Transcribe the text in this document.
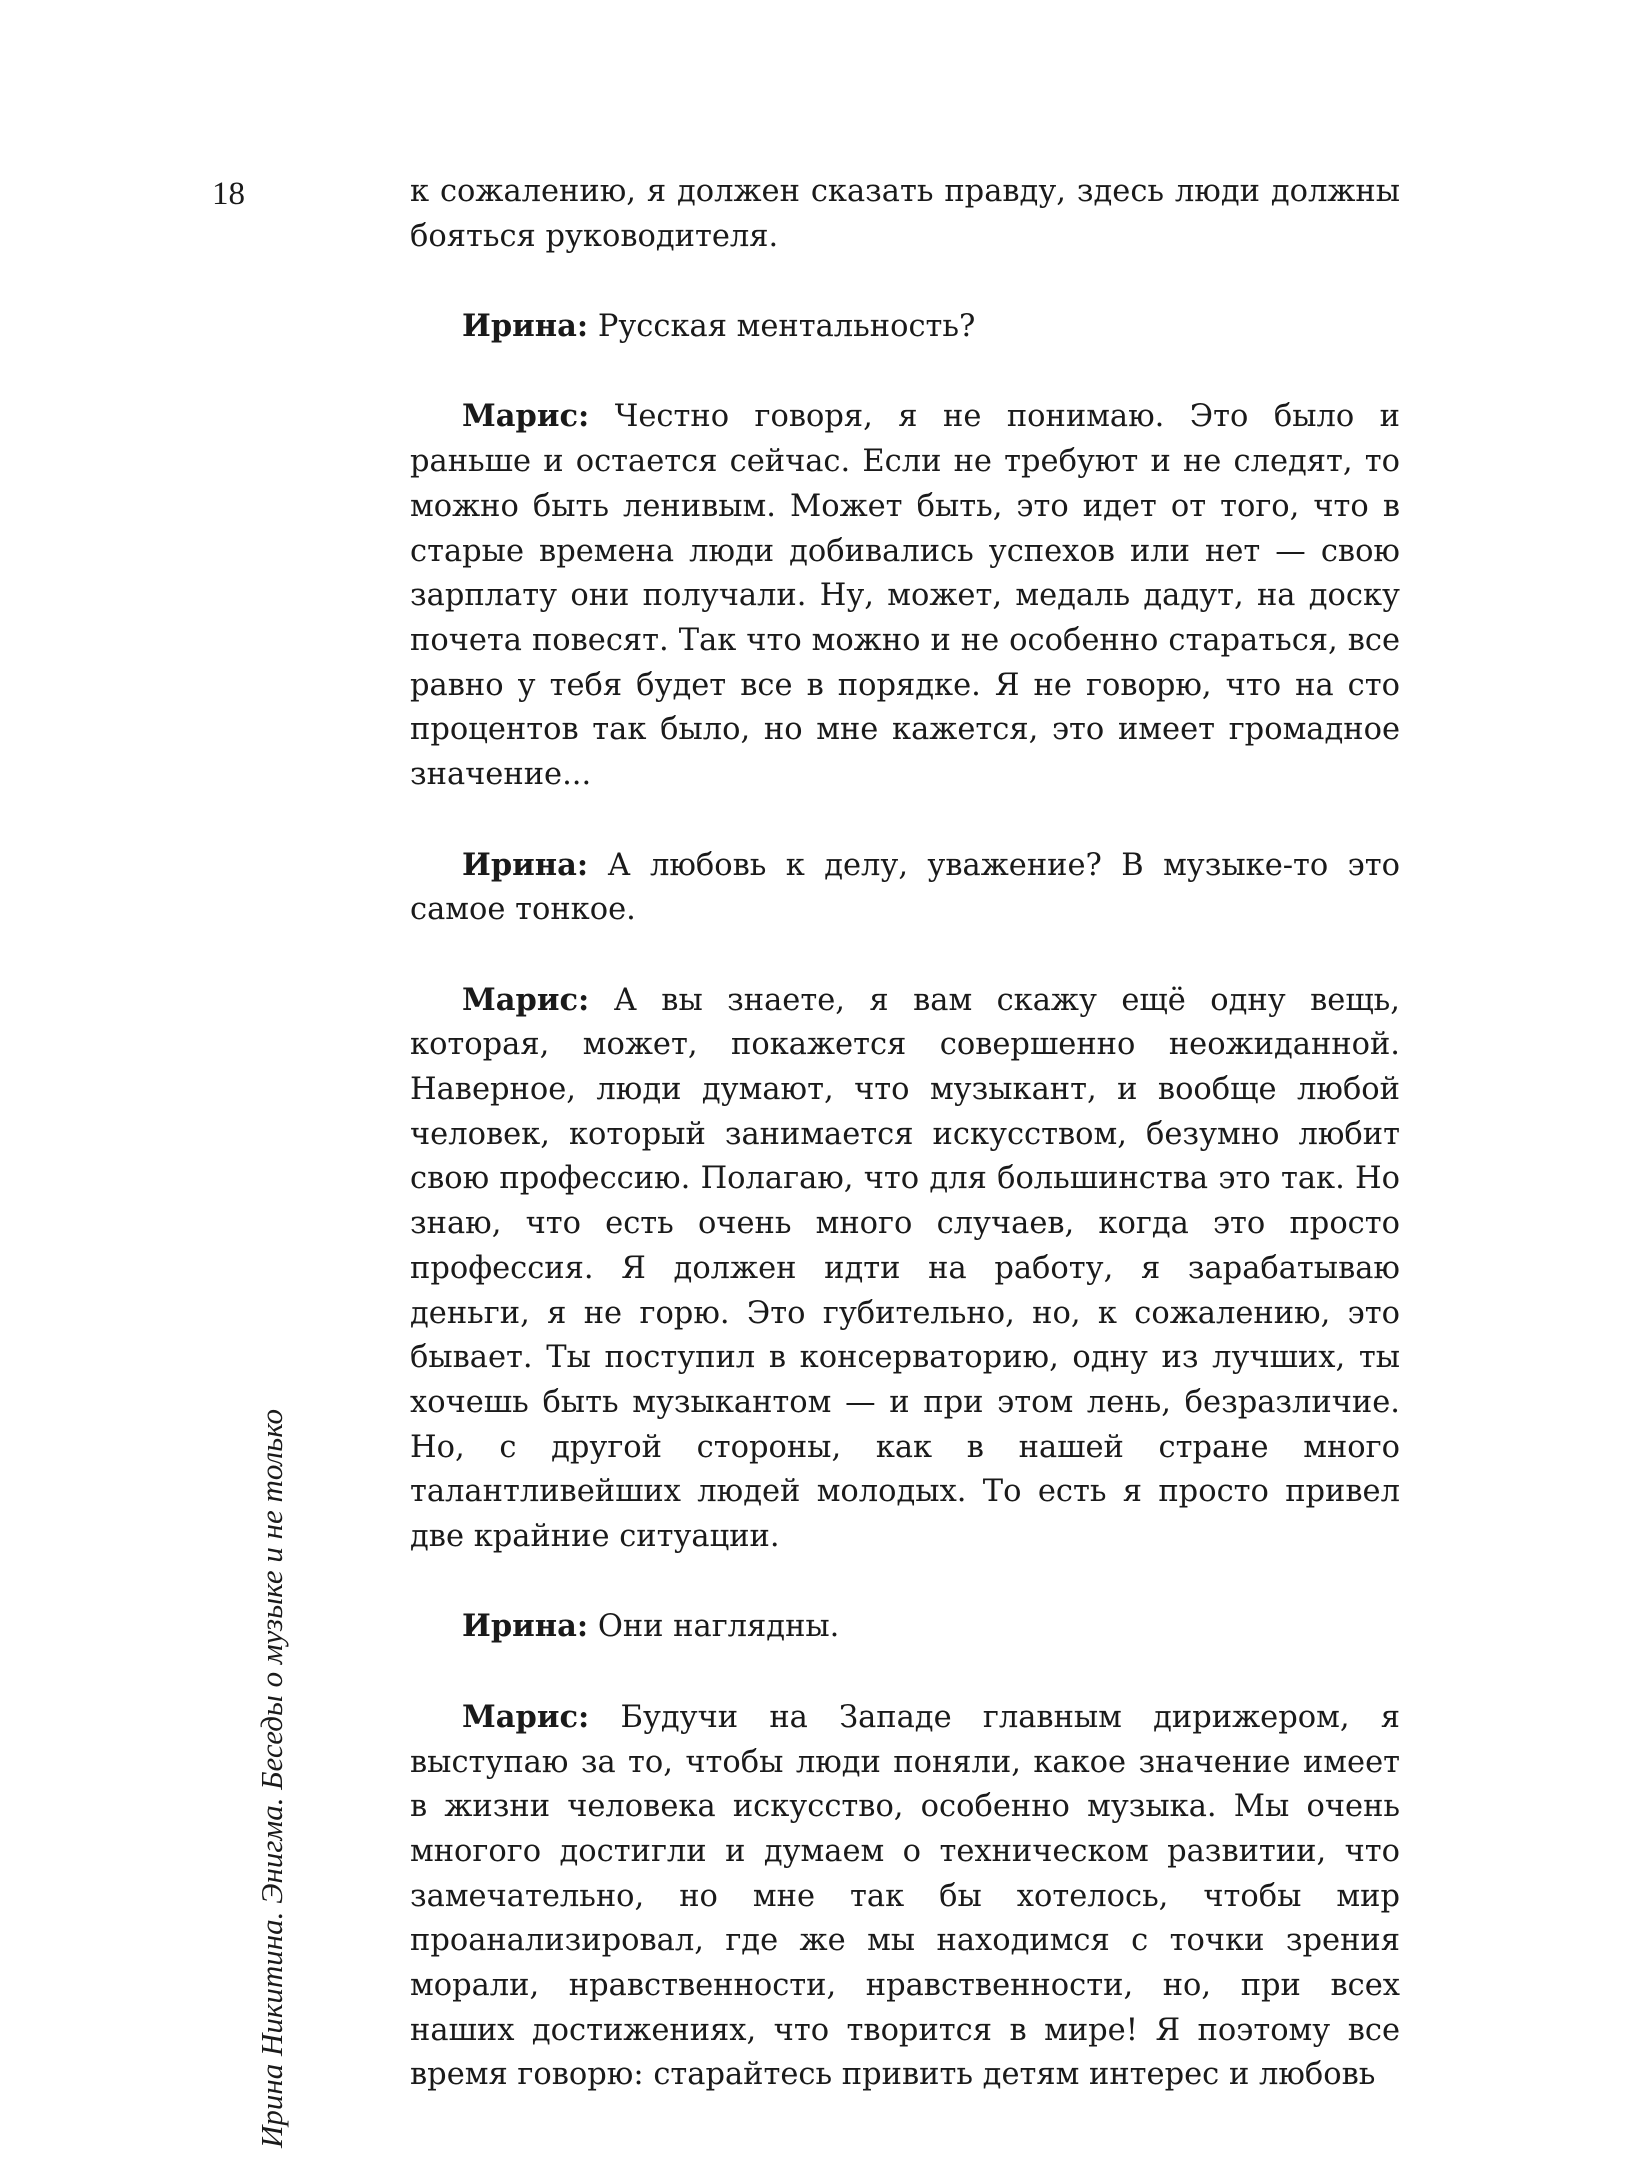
18
Ирина Никитина. Энигма. Беседы о музыке и не только

к сожалению, я должен сказать правду, здесь люди должны бояться руководителя.

Ирина: Русская ментальность?

Марис: Честно говоря, я не понимаю. Это было и раньше и остается сейчас. Если не требуют и не следят, то можно быть ленивым. Может быть, это идет от того, что в старые времена люди добивались успехов или нет — свою зарплату они получали. Ну, может, медаль дадут, на доску почета повесят. Так что можно и не особенно стараться, все равно у тебя будет все в порядке. Я не говорю, что на сто процентов так было, но мне кажется, это имеет громадное значение...

Ирина: А любовь к делу, уважение? В музыке-то это самое тонкое.

Марис: А вы знаете, я вам скажу ещё одну вещь, которая, может, покажется совершенно неожиданной. Наверное, люди думают, что музыкант, и вообще любой человек, который занимается искусством, безумно любит свою профессию. Полагаю, что для большинства это так. Но знаю, что есть очень много случаев, когда это просто профессия. Я должен идти на работу, я зарабатываю деньги, я не горю. Это губительно, но, к сожалению, это бывает. Ты поступил в консерваторию, одну из лучших, ты хочешь быть музыкантом — и при этом лень, безразличие. Но, с другой стороны, как в нашей стране много талантливейших людей молодых. То есть я просто привел две крайние ситуации.

Ирина: Они наглядны.

Марис: Будучи на Западе главным дирижером, я выступаю за то, чтобы люди поняли, какое значение имеет в жизни человека искусство, особенно музыка. Мы очень многого достигли и думаем о техническом развитии, что замечательно, но мне так бы хотелось, чтобы мир проанализировал, где же мы находимся с точки зрения морали, нравственности, нравственности, но, при всех наших достижениях, что творится в мире! Я поэтому все время говорю: старайтесь привить детям интерес и любовь
